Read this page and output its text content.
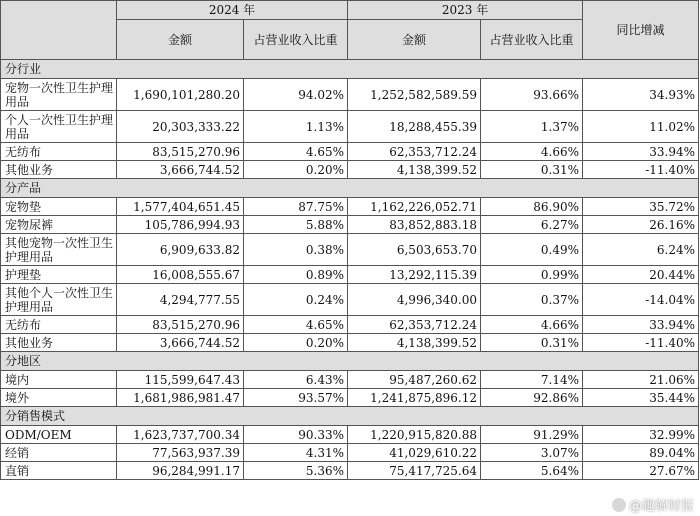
	2024 年		2023 年		同比增减
	金额	占营业收入比重	金额	占营业收入比重	
分行业					
宠物一次性卫生护理用品	1,690,101,280.20	94.02%	1,252,582,589.59	93.66%	34.93%
个人一次性卫生护理用品	20,303,333.22	1.13%	18,288,455.39	1.37%	11.02%
无纺布	83,515,270.96	4.65%	62,353,712.24	4.66%	33.94%
其他业务	3,666,744.52	0.20%	4,138,399.52	0.31%	-11.40%
分产品					
宠物垫	1,577,404,651.45	87.75%	1,162,226,052.71	86.90%	35.72%
宠物尿裤	105,786,994.93	5.88%	83,852,883.18	6.27%	26.16%
其他宠物一次性卫生护理用品	6,909,633.82	0.38%	6,503,653.70	0.49%	6.24%
护理垫	16,008,555.67	0.89%	13,292,115.39	0.99%	20.44%
其他个人一次性卫生护理用品	4,294,777.55	0.24%	4,996,340.00	0.37%	-14.04%
无纺布	83,515,270.96	4.65%	62,353,712.24	4.66%	33.94%
其他业务	3,666,744.52	0.20%	4,138,399.52	0.31%	-11.40%
分地区					
境内	115,599,647.43	6.43%	95,487,260.62	7.14%	21.06%
境外	1,681,986,981.47	93.57%	1,241,875,896.12	92.86%	35.44%
分销售模式					
ODM/OEM	1,623,737,700.34	90.33%	1,220,915,820.88	91.29%	32.99%
经销	77,563,937.39	4.31%	41,029,610.22	3.07%	89.04%
直销	96,284,991.17	5.36%	75,417,725.64	5.64%	27.67%
@趣解财报
